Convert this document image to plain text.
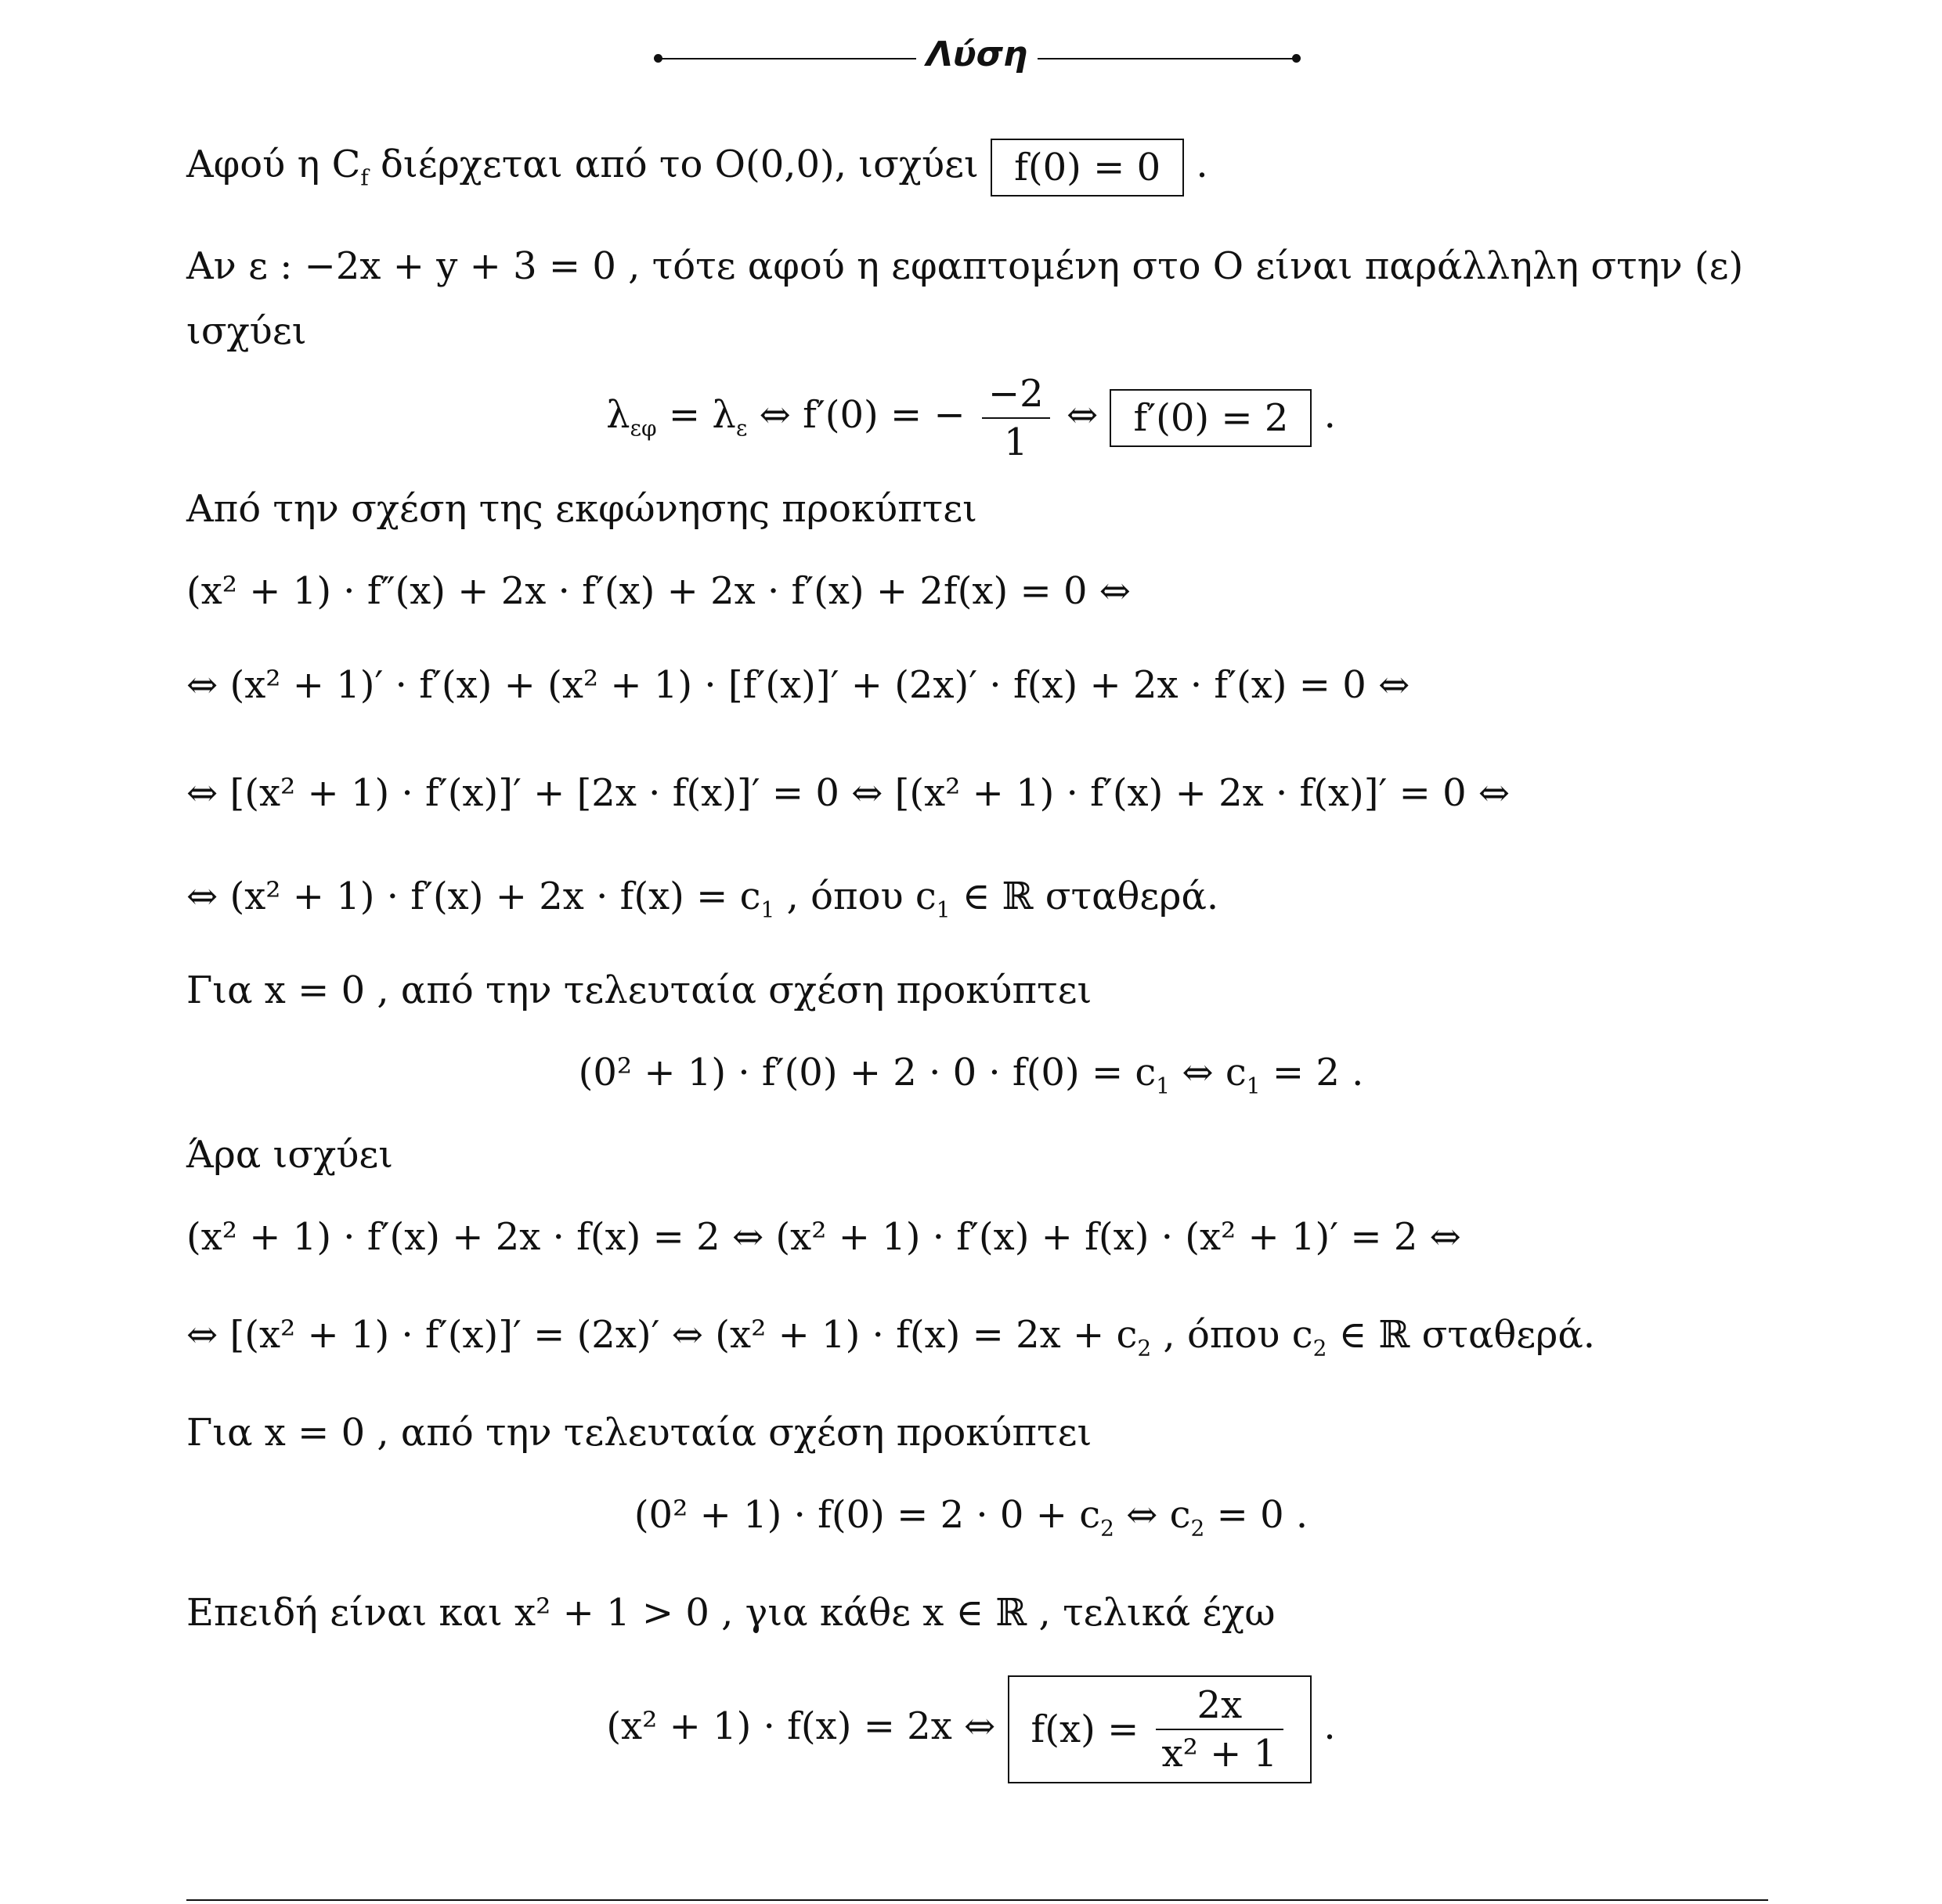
Λύση
Αφού η $C_f$ διέρχεται από το O(0,0), ισχύει f(0) = 0 .
Αν ε : −2x + y + 3 = 0 , τότε αφού η εφαπτομένη στο O είναι παράλληλη στην (ε)
ισχύει
$\lambda_{\varepsilon\varphi} = \lambda_\varepsilon$ ⇔ f′(0) = − $\frac{-2}{1}$ ⇔ f′(0) = 2 .
Από την σχέση της εκφώνησης προκύπτει
(x² + 1) · f″(x) + 2x · f′(x) + 2x · f′(x) + 2f(x) = 0 ⇔
⇔ (x² + 1)′ · f′(x) + (x² + 1) · [f′(x)]′ + (2x)′ · f(x) + 2x · f′(x) = 0 ⇔
⇔ [(x² + 1) · f′(x)]′ + [2x · f(x)]′ = 0 ⇔ [(x² + 1) · f′(x) + 2x · f(x)]′ = 0 ⇔
⇔ $(x^2 + 1) \cdot f'(x) + 2x \cdot f(x) = c_1$ , όπου $c_1$ ∈ ℝ σταθερά.
Για x = 0 , από την τελευταία σχέση προκύπτει
$(0^2 + 1) \cdot f'(0) + 2 \cdot 0 \cdot f(0) = c_1$ ⇔ $c_1 = 2$ .
Άρα ισχύει
(x² + 1) · f′(x) + 2x · f(x) = 2 ⇔ (x² + 1) · f′(x) + f(x) · (x² + 1)′ = 2 ⇔
⇔ [(x² + 1) · f′(x)]′ = (2x)′ ⇔ $(x^2 + 1) \cdot f(x) = 2x + c_2$ , όπου $c_2$ ∈ ℝ σταθερά.
Για x = 0 , από την τελευταία σχέση προκύπτει
$(0^2 + 1) \cdot f(0) = 2 \cdot 0 + c_2$ ⇔ $c_2 = 0$ .
Επειδή είναι και x² + 1 > 0 , για κάθε x ∈ ℝ , τελικά έχω
(x² + 1) · f(x) = 2x ⇔ $f(x) = \frac{2x}{\text{x² + 1}}$ .
